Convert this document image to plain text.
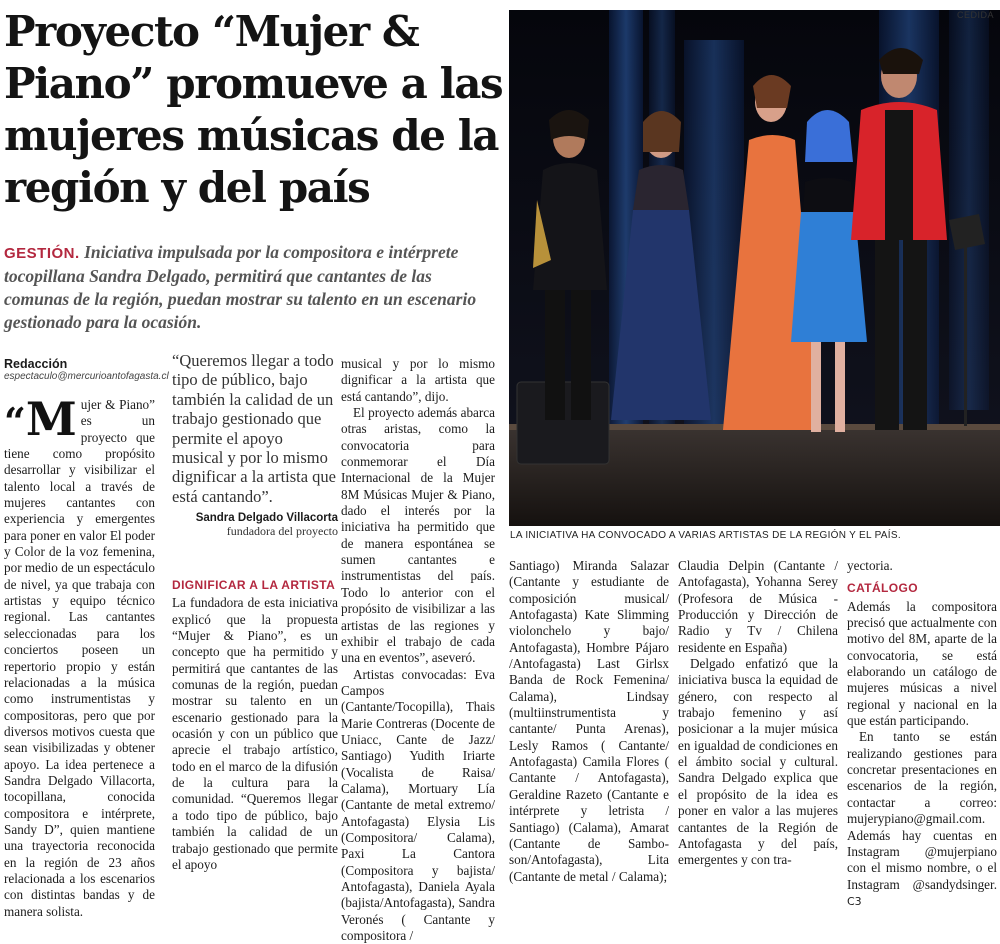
Proyecto “Mujer &
Piano” promueve a las
mujeres músicas de la
región y del país
CEDIDA
LA INICIATIVA HA CONVOCADO A VARIAS ARTISTAS DE LA REGIÓN Y EL PAÍS.
GESTIÓN. Iniciativa impulsada por la compositora e intérprete tocopillana Sandra Delgado, permitirá que cantantes de las comunas de la región, puedan mostrar su talento en un escenario gestionado para la ocasión.
Redacción
espectaculo@mercurioantofagasta.cl

“M ujer & Piano” es un proyecto que tiene como propósito desarrollar y visibilizar el talento local a través de mujeres cantantes con experiencia y emergentes para poner en valor El poder y Color de la voz femenina, por medio de un espectáculo de nivel, ya que trabaja con artistas y equipo técnico regional. Las cantantes seleccionadas para los conciertos poseen un repertorio propio y están relacionadas a la música como instrumentistas y compositoras, pero que por diversos motivos cuesta que sean visibilizadas y obtener apoyo. La idea pertenece a Sandra Delgado Villacorta, tocopillana, conocida compositora e intérprete, Sandy D”, quien mantiene una trayectoria reconocida en la región de 23 años relacionada a los escenarios con distintas bandas y de manera solista.

“Queremos llegar a todo tipo de público, bajo también la calidad de un trabajo gestionado que permite el apoyo musical y por lo mismo dignificar a la artista que está cantando”.
Sandra Delgado Villacorta
fundadora del proyecto
DIGNIFICAR A LA ARTISTA

La fundadora de esta iniciativa explicó que la propuesta “Mujer & Piano”, es un concepto que ha permitido y permitirá que cantantes de las comunas de la región, puedan mostrar su talento en un escenario gestionado para la ocasión y con un público que aprecie el trabajo artístico, todo en el marco de la difusión de la cultura para la comunidad. “Queremos llegar a todo tipo de público, bajo también la calidad de un trabajo gestionado que permite el apoyo

musical y por lo mismo dignificar a la artista que está cantando”, dijo.

El proyecto además abarca otras aristas, como la convocatoria para conmemorar el Día Internacional de la Mujer 8M Músicas Mujer & Piano, dado el interés por la iniciativa ha permitido que de manera espontánea se sumen cantantes e instrumentistas del país. Todo lo anterior con el propósito de visibilizar a las artistas de las regiones y exhibir el trabajo de cada una en eventos”, aseveró.

Artistas convocadas: Eva Campos (Cantante/Tocopilla), Thais Marie Contreras (Docente de Uniacc, Cante de Jazz/ Santiago) Yudith Iriarte (Vocalista de Raisa/ Calama), Mortuary Lía (Cantante de metal extremo/ Antofagasta) Elysia Lis (Compositora/ Calama), Paxi La Cantora (Compositora y bajista/ Antofagasta), Daniela Ayala (bajista/Antofagasta), Sandra Veronés ( Cantante y compositora /

Santiago) Miranda Salazar (Cantante y estudiante de composición musical/ Antofagasta) Kate Slimming violonchelo y bajo/ Antofagasta), Hombre Pájaro /Antofagasta) Last Girlsx Banda de Rock Femenina/ Calama), Lindsay (multiinstrumentista y cantante/ Punta Arenas), Lesly Ramos ( Cantante/ Antofagasta) Camila Flores ( Cantante / Antofagasta), Geraldine Razeto (Cantante e intérprete y letrista / Santiago) (Calama), Amarat (Cantante de Sambo-son/Antofagasta), Lita (Cantante de metal / Calama);

Claudia Delpin (Cantante / Antofagasta), Yohanna Serey (Profesora de Música - Producción y Dirección de Radio y Tv / Chilena residente en España)

Delgado enfatizó que la iniciativa busca la equidad de género, con respecto al trabajo femenino y así posicionar a la mujer música en igualdad de condiciones en el ámbito social y cultural. Sandra Delgado explica que el propósito de la idea es poner en valor a las mujeres cantantes de la Región de Antofagasta y del país, emergentes y con tra-

yectoria.

CATÁLOGO

Además la compositora precisó que actualmente con motivo del 8M, aparte de la convocatoria, se está elaborando un catálogo de mujeres músicas a nivel regional y nacional en la que están participando.

En tanto se están realizando gestiones para concretar presentaciones en escenarios de la región, contactar a correo: mujerypiano@gmail.com. Además hay cuentas en Instagram @mujerpiano con el mismo nombre, o el Instagram @sandydsinger. C3
